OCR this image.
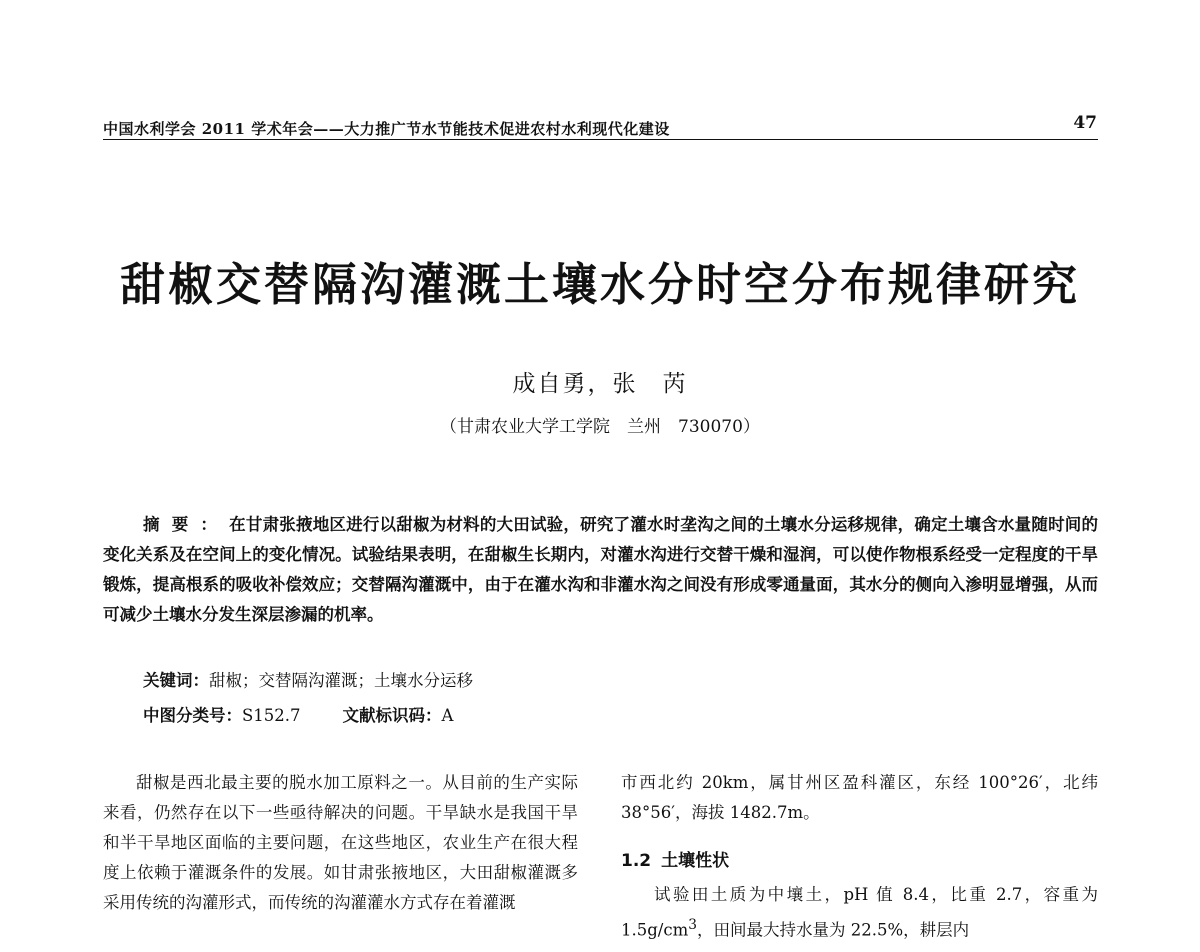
中国水利学会 2011 学术年会——大力推广节水节能技术促进农村水利现代化建设	47
甜椒交替隔沟灌溉土壤水分时空分布规律研究
成自勇，张　芮
（甘肃农业大学工学院　兰州　730070）
摘要：在甘肃张掖地区进行以甜椒为材料的大田试验，研究了灌水时垄沟之间的土壤水分运移规律，确定土壤含水量随时间的变化关系及在空间上的变化情况。试验结果表明，在甜椒生长期内，对灌水沟进行交替干燥和湿润，可以使作物根系经受一定程度的干旱锻炼，提高根系的吸收补偿效应；交替隔沟灌溉中，由于在灌水沟和非灌水沟之间没有形成零通量面，其水分的侧向入渗明显增强，从而可减少土壤水分发生深层渗漏的机率。
关键词：甜椒；交替隔沟灌溉；土壤水分运移
中图分类号：S152.7	文献标识码：A

甜椒是西北最主要的脱水加工原料之一。从目前的生产实际来看，仍然存在以下一些亟待解决的问题。干旱缺水是我国干旱和半干旱地区面临的主要问题，在这些地区，农业生产在很大程度上依赖于灌溉条件的发展。如甘肃张掖地区，大田甜椒灌溉多采用传统的沟灌形式，而传统的沟灌灌水方式存在着灌溉

市西北约 20km，属甘州区盈科灌区，东经 100°26′，北纬 38°56′，海拔 1482.7m。

1.2 土壤性状

试验田土质为中壤土，pH 值 8.4，比重 2.7，容重为 $1.5g/cm^3$，田间最大持水量为 22.5%，耕层内
